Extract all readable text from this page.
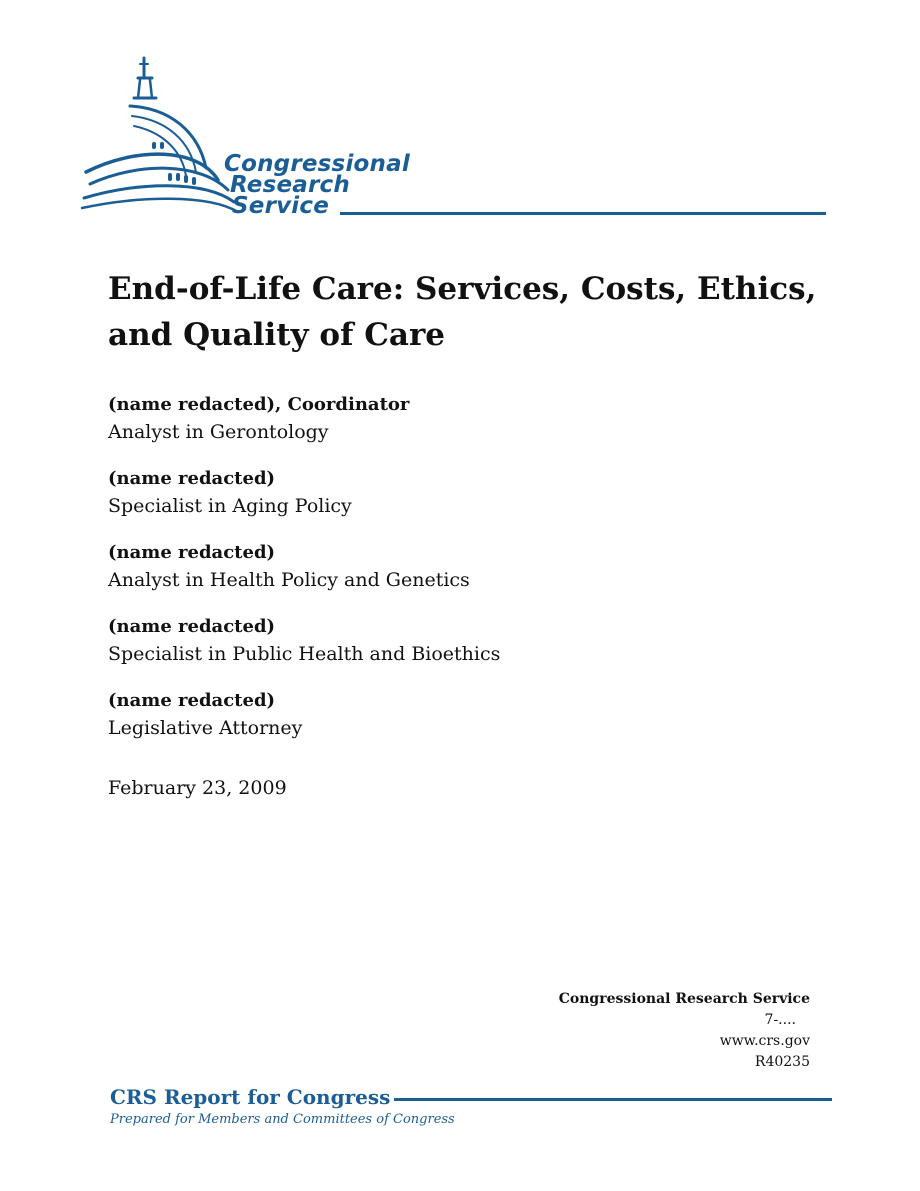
Congressional
Research
Service
End-of-Life Care: Services, Costs, Ethics, and Quality of Care
(name redacted), Coordinator
Analyst in Gerontology
(name redacted)
Specialist in Aging Policy
(name redacted)
Analyst in Health Policy and Genetics
(name redacted)
Specialist in Public Health and Bioethics
(name redacted)
Legislative Attorney
February 23, 2009
Congressional Research Service
7-....
www.crs.gov
R40235
CRS Report for Congress
Prepared for Members and Committees of Congress
